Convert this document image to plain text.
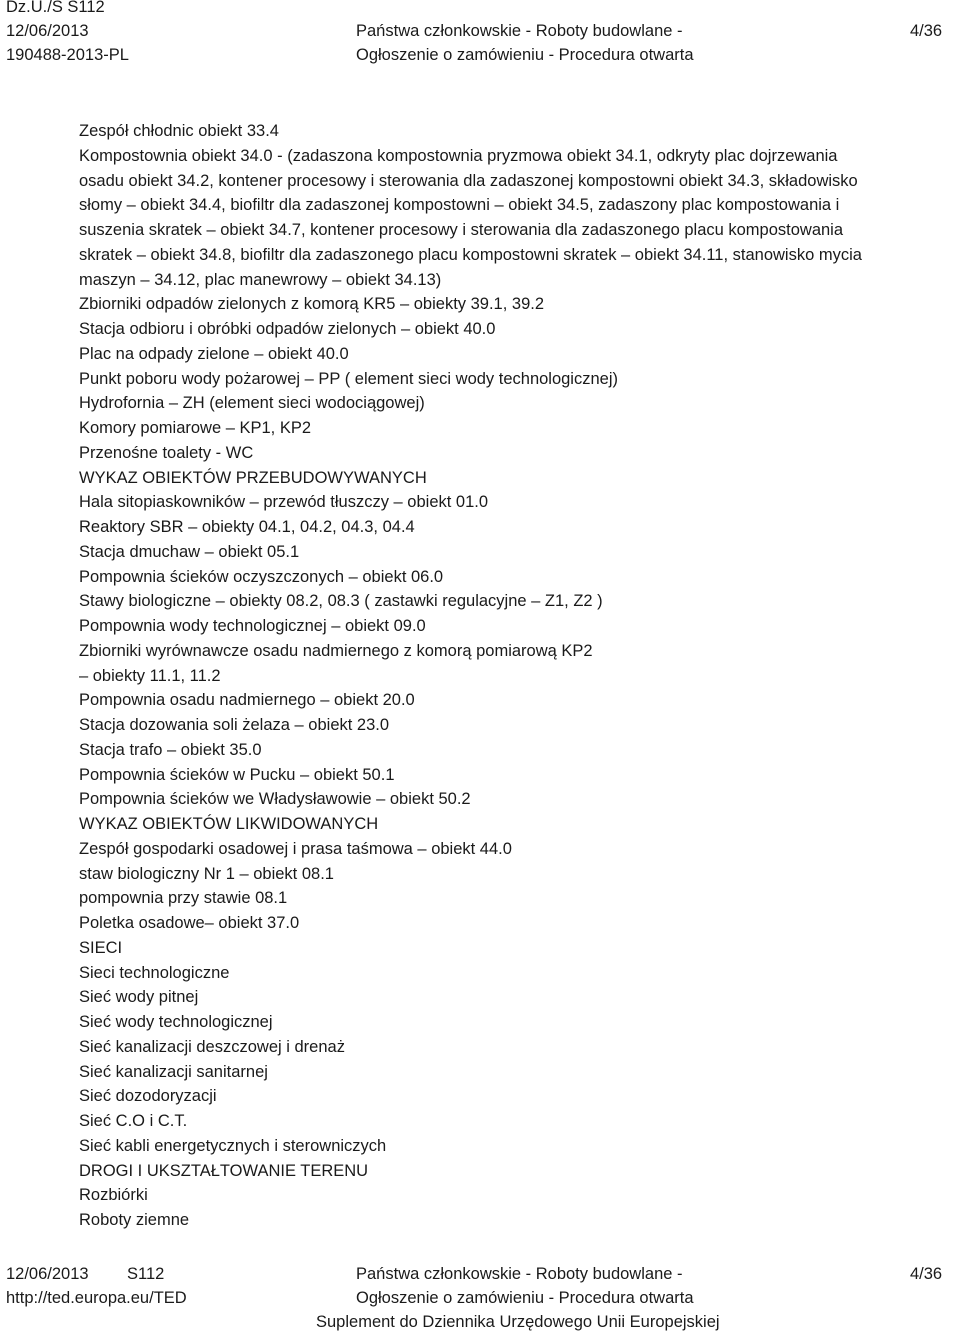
Dz.U./S S112
12/06/2013
190488-2013-PL
Państwa członkowskie - Roboty budowlane -
Ogłoszenie o zamówieniu - Procedura otwarta
4/36
Zespół chłodnic obiekt 33.4
Kompostownia obiekt 34.0 - (zadaszona kompostownia pryzmowa obiekt 34.1, odkryty plac dojrzewania
osadu obiekt 34.2, kontener procesowy i sterowania dla zadaszonej kompostowni obiekt 34.3, składowisko
słomy – obiekt 34.4, biofiltr dla zadaszonej kompostowni – obiekt 34.5, zadaszony plac kompostowania i
suszenia skratek – obiekt 34.7, kontener procesowy i sterowania dla zadaszonego placu kompostowania
skratek – obiekt 34.8, biofiltr dla zadaszonego placu kompostowni skratek – obiekt 34.11, stanowisko mycia
maszyn – 34.12, plac manewrowy – obiekt 34.13)
Zbiorniki odpadów zielonych z komorą KR5 – obiekty 39.1, 39.2
Stacja odbioru i obróbki odpadów zielonych – obiekt 40.0
Plac na odpady zielone – obiekt 40.0
Punkt poboru wody pożarowej – PP ( element sieci wody technologicznej)
Hydrofornia – ZH (element sieci wodociągowej)
Komory pomiarowe – KP1, KP2
Przenośne toalety - WC
WYKAZ OBIEKTÓW PRZEBUDOWYWANYCH
Hala sitopiaskowników – przewód tłuszczy – obiekt 01.0
Reaktory SBR – obiekty 04.1, 04.2, 04.3, 04.4
Stacja dmuchaw – obiekt 05.1
Pompownia ścieków oczyszczonych – obiekt 06.0
Stawy biologiczne – obiekty 08.2, 08.3 ( zastawki regulacyjne – Z1, Z2 )
Pompownia wody technologicznej – obiekt 09.0
Zbiorniki wyrównawcze osadu nadmiernego z komorą pomiarową KP2
– obiekty 11.1, 11.2
Pompownia osadu nadmiernego – obiekt 20.0
Stacja dozowania soli żelaza – obiekt 23.0
Stacja trafo – obiekt 35.0
Pompownia ścieków w Pucku – obiekt 50.1
Pompownia ścieków we Władysławowie – obiekt 50.2
WYKAZ OBIEKTÓW LIKWIDOWANYCH
Zespół gospodarki osadowej i prasa taśmowa – obiekt 44.0
staw biologiczny Nr 1 – obiekt 08.1
pompownia przy stawie 08.1
Poletka osadowe– obiekt 37.0
SIECI
Sieci technologiczne
Sieć wody pitnej
Sieć wody technologicznej
Sieć kanalizacji deszczowej i drenaż
Sieć kanalizacji sanitarnej
Sieć dozodoryzacji
Sieć C.O i C.T.
Sieć kabli energetycznych i sterowniczych
DROGI I UKSZTAŁTOWANIE TERENU
Rozbiórki
Roboty ziemne
12/06/2013 S112
http://ted.europa.eu/TED
Państwa członkowskie - Roboty budowlane -
Ogłoszenie o zamówieniu - Procedura otwarta
Suplement do Dziennika Urzędowego Unii Europejskiej
4/36
